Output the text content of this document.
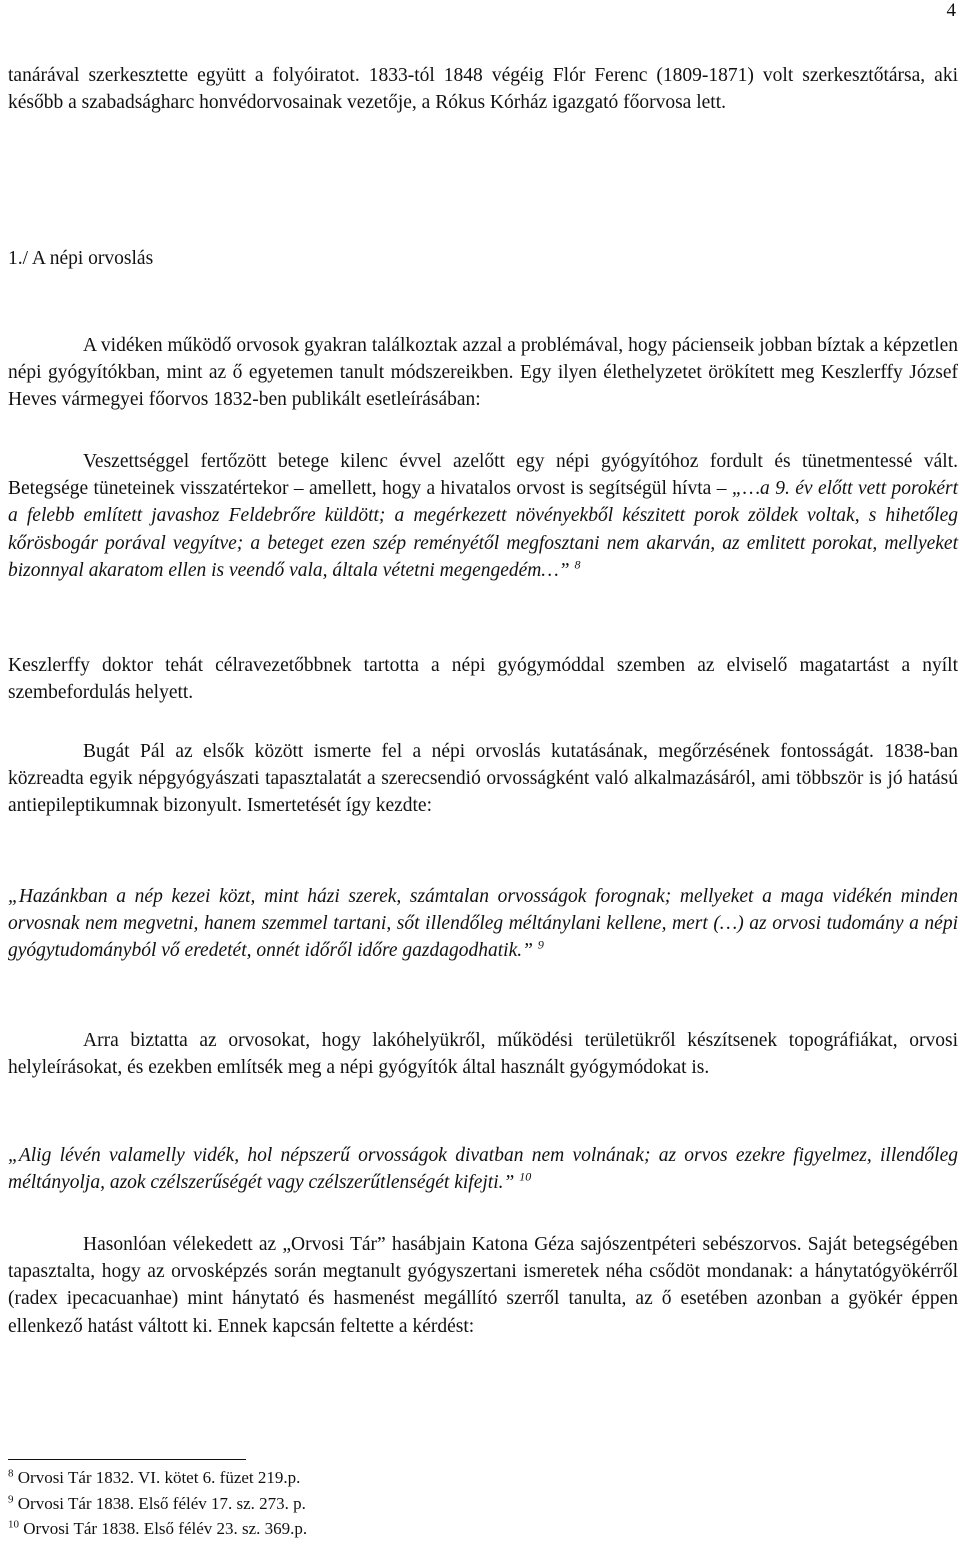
4

tanárával szerkesztette együtt a folyóiratot. 1833-tól 1848 végéig Flór Ferenc (1809-1871) volt szerkesztőtársa, aki később a szabadságharc honvédorvosainak vezetője, a Rókus Kórház igazgató főorvosa lett.

1./ A népi orvoslás

A vidéken működő orvosok gyakran találkoztak azzal a problémával, hogy pácienseik jobban bíztak a képzetlen népi gyógyítókban, mint az ő egyetemen tanult módszereikben. Egy ilyen élethelyzetet örökített meg Keszlerffy József Heves vármegyei főorvos 1832-ben publikált esetleírásában:

Veszettséggel fertőzött betege kilenc évvel azelőtt egy népi gyógyítóhoz fordult és tünetmentessé vált. Betegsége tüneteinek visszatértekor – amellett, hogy a hivatalos orvost is segítségül hívta – „…a 9. év előtt vett porokért a felebb említett javashoz Feldebrőre küldött; a megérkezett növényekből készitett porok zöldek voltak, s hihetőleg kőrösbogár porával vegyítve; a beteget ezen szép reményétől megfosztani nem akarván, az emlitett porokat, mellyeket bizonnyal akaratom ellen is veendő vala, általa vétetni megengedém…” $^8$

Keszlerffy doktor tehát célravezetőbbnek tartotta a népi gyógymóddal szemben az elviselő magatartást a nyílt szembefordulás helyett.

Bugát Pál az elsők között ismerte fel a népi orvoslás kutatásának, megőrzésének fontosságát. 1838-ban közreadta egyik népgyógyászati tapasztalatát a szerecsendió orvosságként való alkalmazásáról, ami többször is jó hatású antiepileptikumnak bizonyult. Ismertetését így kezdte:

„Hazánkban a nép kezei közt, mint házi szerek, számtalan orvosságok forognak; mellyeket a maga vidékén minden orvosnak nem megvetni, hanem szemmel tartani, sőt illendőleg méltánylani kellene, mert (…) az orvosi tudomány a népi gyógytudományból vő eredetét, onnét időről időre gazdagodhatik.” $^9$

Arra biztatta az orvosokat, hogy lakóhelyükről, működési területükről készítsenek topográfiákat, orvosi helyleírásokat, és ezekben említsék meg a népi gyógyítók által használt gyógymódokat is.

„Alig lévén valamelly vidék, hol népszerű orvosságok divatban nem volnának; az orvos ezekre figyelmez, illendőleg méltányolja, azok czélszerűségét vagy czélszerűtlenségét kifejti.” $^{10}$

Hasonlóan vélekedett az „Orvosi Tár” hasábjain Katona Géza sajószentpéteri sebészorvos. Saját betegségében tapasztalta, hogy az orvosképzés során megtanult gyógyszertani ismeretek néha csődöt mondanak: a hánytatógyökérről (radex ipecacuanhae) mint hánytató és hasmenést megállító szerről tanulta, az ő esetében azonban a gyökér éppen ellenkező hatást váltott ki. Ennek kapcsán feltette a kérdést:

$^8$ Orvosi Tár 1832. VI. kötet 6. füzet 219.p.
$^9$ Orvosi Tár 1838. Első félév 17. sz. 273. p.
$^{10}$ Orvosi Tár 1838. Első félév 23. sz. 369.p.
